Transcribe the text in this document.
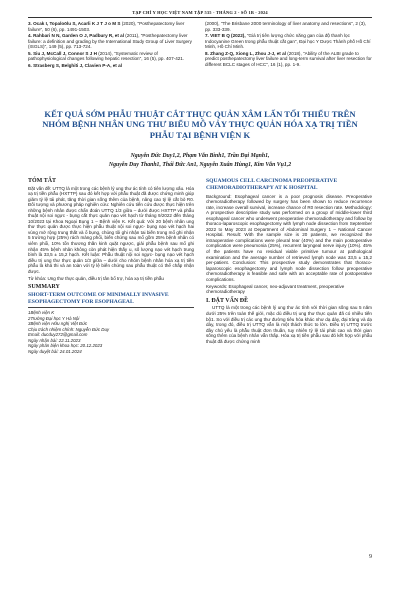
TẠP CHÍ Y HỌC VIỆT NAM TẬP 535 - THÁNG 2 - SỐ 1B - 2024

3. Ocak I, Topaloölu S, Acarli K J T J o M S (2020), "Posthepatectomy liver failure", 50 (6), pp. 1491-1503.

4. Rahbari N N, Garden O J, Padbury R, et al (2011), "Posthepatectomy liver failure: a definition and grading by the International Study Group of Liver Surgery (ISGLS)", 149 (5), pp. 713-724.

5. Siu J, McCall J, Connor S J H (2014), "Systematic review of pathophysiological changes following hepatic resection", 16 (5), pp. 407-421.

6. Strasberg S, Belghiti J, Clavien P-A, et al

(2000), "The Brisbane 2000 terminology of liver anatomy and resections", 2 (3), pp. 333-339.

7. VIET B Q (2022), "Giá trị tiên lượng chức năng gan của độ thanh lọc Indocyanine Green trong phẫu thuật cắt gan", Đại học Y Dược Thành phố Hồ Chí Minh, Hồ Chí Minh.

8. Zhang Z-Q, Xiong L, Zhou J-J, et al (2018), "Ability of the ALBI grade to predict posthepatectomy liver failure and long-term survival after liver resection for different BCLC stages of HCC", 16 (1), pp. 1-9.

KẾT QUẢ SỚM PHẪU THUẬT CẮT THỰC QUẢN XÂM LẤN TỐI THIỂU TRÊN NHÓM BỆNH NHÂN UNG THƯ BIỂU MÔ VẢY THỰC QUẢN HÓA XẠ TRỊ TIỀN PHẪU TẠI BỆNH VIỆN K
Nguyễn Đức Duy1,2, Phạm Văn Bình1, Trần Đại Mạnh1,
Nguyễn Duy Thanh1, Thái Đức An1, Nguyễn Xuân Hùng1, Kim Văn Vụ1,2
TÓM TẮT

Đặt vấn đề: UTTQ là một trong các bệnh lý ung thư ác tính có tiên lượng xấu. Hóa xạ trị tiền phẫu (HXTTP) sau đó kết hợp với phẫu thuật đã được chứng minh giúp giảm tỷ lệ tái phát, tăng thời gian sống thêm của bệnh, nâng cao tỷ lệ cắt bỏ R0. Đối tượng và phương pháp nghiên cứu: Nghiên cứu tiến cứu được thực hiện trên những bệnh nhân được chẩn đoán UTTQ 1/3 giữa – dưới được HXTTP và phẫu thuật nội soi ngực - bụng cắt thực quản nạo vét hạch từ tháng 9/2022 đến tháng 10/2023 tại Khoa Ngoại Bụng 1 – Bệnh viện K. Kết quả: Với 20 bệnh nhân ung thư thực quản được thực hiện phẫu thuật nội soi ngực- bụng nạo vét hạch hai vùng mở rộng trung thất và ổ bụng, chúng tôi ghi nhận tai biến trong mổ ghi nhận 5 trường hợp (25%) rách màng phổi, biến chứng sau mổ gồm 25% bệnh nhân có viêm phổi, 10% tổn thương thần kinh quặt ngược, giải phẫu bệnh sau mổ ghi nhận 45% bệnh nhân không còn phát hiện thấy u, số lượng nạo vét hạch trung bình là 33,5 ± 15,2 hạch. Kết luận: Phẫu thuật nội soi ngực- bụng nạo vét hạch điều trị ung thư thực quản 1/3 giữa – dưới cho nhóm bệnh nhân hóa xạ trị tiền phẫu là khả thi và an toàn với tỷ lệ biến chứng sau phẫu thuật có thể chấp nhận được.

Từ khóa: Ung thư thực quản, điều trị tân bổ trợ, hóa xạ trị tiền phẫu

SUMMARY
SHORT-TERM OUTCOME OF MINIMALLY INVASIVE ESOPHAGECTOMY FOR ESOPHAGEAL
1Bệnh viện K
2Trường Đại học Y Hà Nội
3Bệnh viện Hữu nghị Việt Đức
Chịu trách nhiệm chính: Nguyễn Đức Duy
Email: ducduy272@gmail.com
Ngày nhận bài: 22.11.2023
Ngày phản biện khoa học: 20.12.2023
Ngày duyệt bài: 24.01.2024
SQUAMOUS CELL CARCINOMA PREOPERATIVE CHEMORADIOTHERAPY AT K HOSPITAL

Background: Esophageal cancer is a poor prognosis disease. Preoperative chemoradiotherapy followed by surgery has been shown to reduce recurrence rate, increase overall survival, increase chance of R0 resection rate. Methodology: A prospective descriptive study was performed on a group of middle-lower third esophageal cancer who underwent preoperative chemoradiotherapy and follow by thoraco-laparoscopic esophagectomy with lymph node dissection from September 2022 to May 2023 at Department of Abdominal Surgery 1 – National Cancer Hospital. Result: With the sample size is 20 patients, we recognized the intraoperative complications were pleural tear (40%) and the main postoperative complication were pneumonia (25%), recurrent laryngeal nerve injury (10%). 45% of the patients have no residual viable primitive tumour at pathological examination and the average number of retrieved lymph node was 33,5 ± 15,2 per-patient. Conclusion: This prospective study demonstrates that thoraco-laparoscopic esophagectomy and lymph node dissection follow preoperative chemoradiotherapy is feasible and safe with an acceptable rate of postoperative complications.

Keywords: Esophageal cancer, neo-adjuvant treatment, preoperative chemoradiotherapy

I. ĐẶT VẤN ĐỀ

UTTQ là một trong các bệnh lý ung thư ác tính với thời gian sống sau 5 năm dưới 25% trên toàn thế giới, mặc dù điều trị ung thư thực quản đã có nhiều tiến bộ1. So với điều trị các ung thư đường tiêu hóa khác như dạ dày, đại tràng và dạ dày, trong đó, điều trị UTTQ vẫn là một thách thức to lớn. Điều trị UTTQ trước đây chủ yếu là phẫu thuật đơn thuần, tuy nhiên tỷ lệ tái phát cao và thời gian sống thêm của bệnh nhân vẫn thấp. Hóa xạ trị tiền phẫu sau đó kết hợp với phẫu thuật đã được chứng minh

9
